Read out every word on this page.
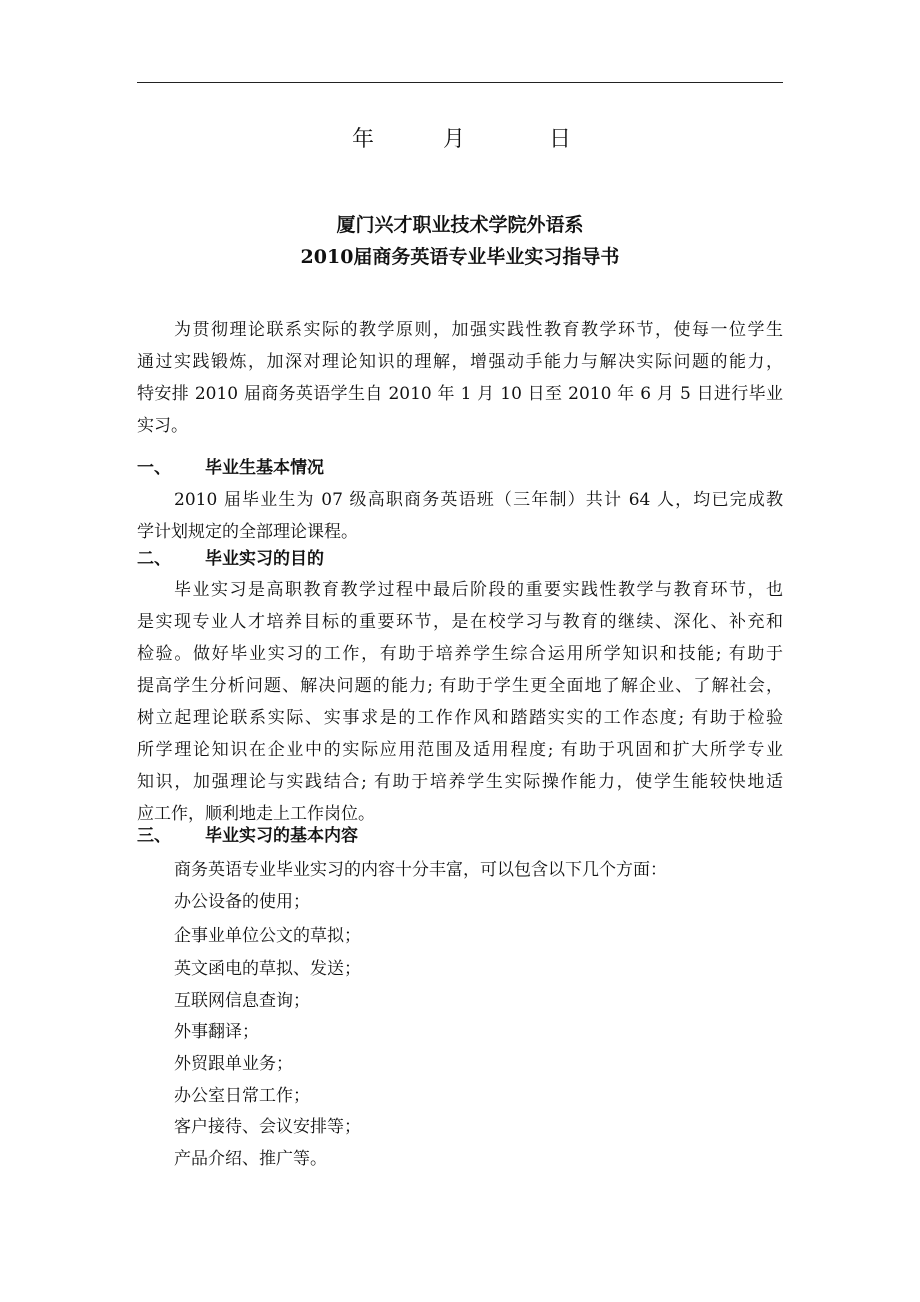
年	月	日
厦门兴才职业技术学院外语系
2010届商务英语专业毕业实习指导书
为贯彻理论联系实际的教学原则，加强实践性教育教学环节，使每一位学生
通过实践锻炼，加深对理论知识的理解，增强动手能力与解决实际问题的能力，
特安排 2010 届商务英语学生自 2010 年 1 月 10 日至 2010 年 6 月 5 日进行毕业
实习。
一、	毕业生基本情况
2010 届毕业生为 07 级高职商务英语班（三年制）共计 64 人，均已完成教
学计划规定的全部理论课程。
二、	毕业实习的目的
毕业实习是高职教育教学过程中最后阶段的重要实践性教学与教育环节，也
是实现专业人才培养目标的重要环节，是在校学习与教育的继续、深化、补充和
检验。做好毕业实习的工作，有助于培养学生综合运用所学知识和技能; 有助于
提高学生分析问题、解决问题的能力; 有助于学生更全面地了解企业、了解社会，
树立起理论联系实际、实事求是的工作作风和踏踏实实的工作态度; 有助于检验
所学理论知识在企业中的实际应用范围及适用程度; 有助于巩固和扩大所学专业
知识，加强理论与实践结合; 有助于培养学生实际操作能力，使学生能较快地适
应工作，顺利地走上工作岗位。
三、	毕业实习的基本内容
商务英语专业毕业实习的内容十分丰富，可以包含以下几个方面：
办公设备的使用；
企事业单位公文的草拟；
英文函电的草拟、发送；
互联网信息查询；
外事翻译；
外贸跟单业务；
办公室日常工作；
客户接待、会议安排等；
产品介绍、推广等。
